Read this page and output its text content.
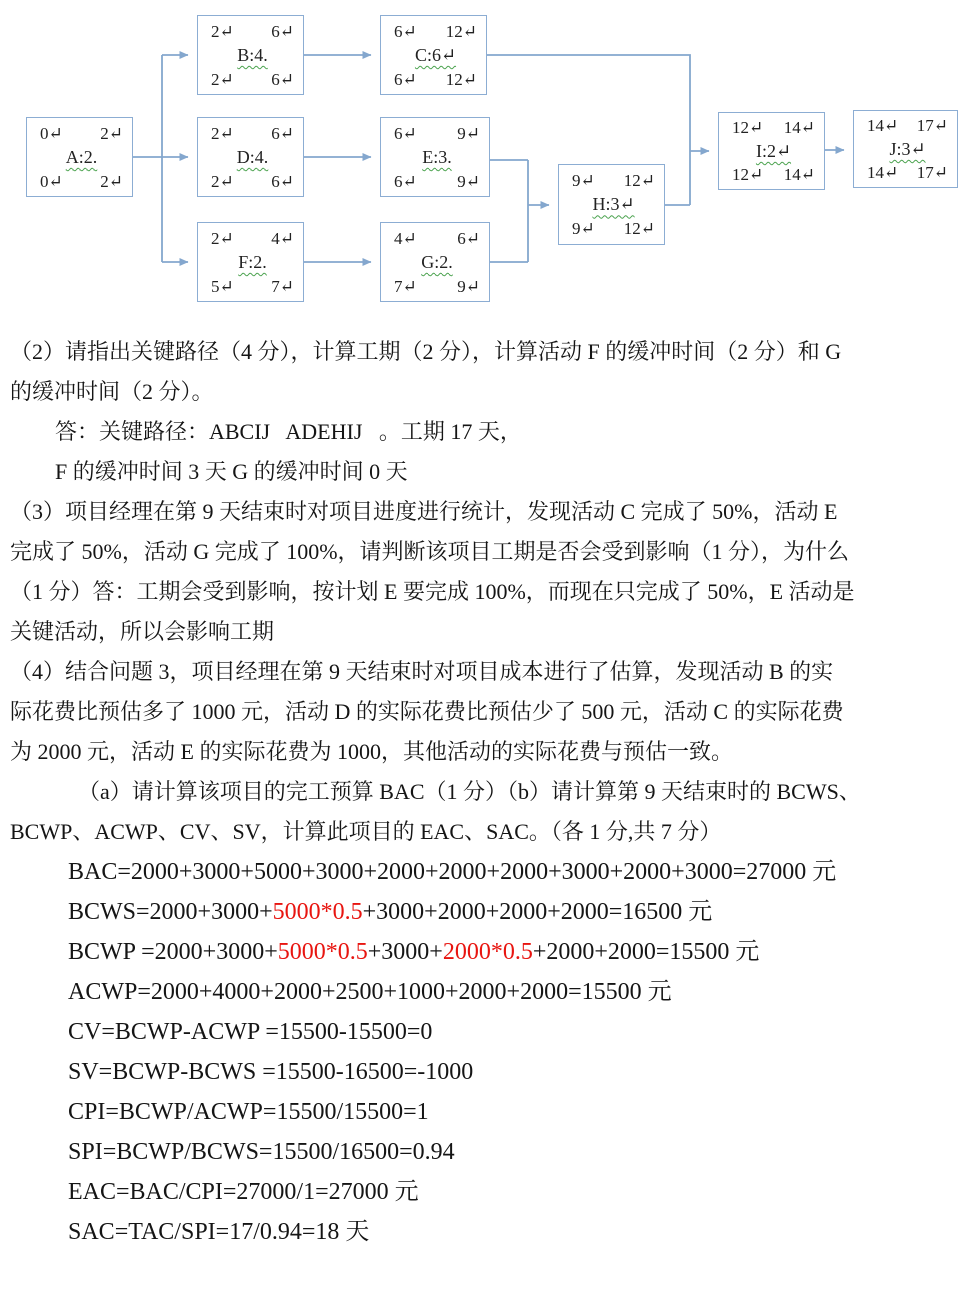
0↵ 2↵
A:2.
0↵ 2↵
2↵ 6↵
B:4.
2↵ 6↵
6↵ 12↵
C:6↵
6↵ 12↵
2↵ 6↵
D:4.
2↵ 6↵
6↵ 9↵
E:3.
6↵ 9↵
2↵ 4↵
F:2.
5↵ 7↵
4↵ 6↵
G:2.
7↵ 9↵
9↵ 12↵
H:3↵
9↵ 12↵
12↵ 14↵
I:2↵
12↵ 14↵
14↵ 17↵
J:3↵
14↵ 17↵

（2）请指出关键路径（4 分），计算工期（2 分），计算活动 F 的缓冲时间（2 分）和 G

的缓冲时间（2 分）。

答：关键路径：ABCIJ   ADEHIJ   。工期 17 天，

F 的缓冲时间 3 天 G 的缓冲时间 0 天

（3）项目经理在第 9 天结束时对项目进度进行统计，发现活动 C 完成了 50%，活动 E

完成了 50%，活动 G 完成了 100%，请判断该项目工期是否会受到影响（1 分），为什么

（1 分）答：工期会受到影响，按计划 E 要完成 100%，而现在只完成了 50%，E 活动是

关键活动，所以会影响工期

（4）结合问题 3，项目经理在第 9 天结束时对项目成本进行了估算，发现活动 B 的实

际花费比预估多了 1000 元，活动 D 的实际花费比预估少了 500 元，活动 C 的实际花费

为 2000 元，活动 E 的实际花费为 1000，其他活动的实际花费与预估一致。

（a）请计算该项目的完工预算 BAC（1 分）（b）请计算第 9 天结束时的 BCWS、

BCWP、ACWP、CV、SV，计算此项目的 EAC、SAC。（各 1 分,共 7 分）

BAC=2000+3000+5000+3000+2000+2000+2000+3000+2000+3000=27000 元

BCWS=2000+3000+5000*0.5+3000+2000+2000+2000=16500 元

BCWP =2000+3000+5000*0.5+3000+2000*0.5+2000+2000=15500 元

ACWP=2000+4000+2000+2500+1000+2000+2000=15500 元

CV=BCWP-ACWP =15500-15500=0

SV=BCWP-BCWS =15500-16500=-1000

CPI=BCWP/ACWP=15500/15500=1

SPI=BCWP/BCWS=15500/16500=0.94

EAC=BAC/CPI=27000/1=27000 元

SAC=TAC/SPI=17/0.94=18 天
